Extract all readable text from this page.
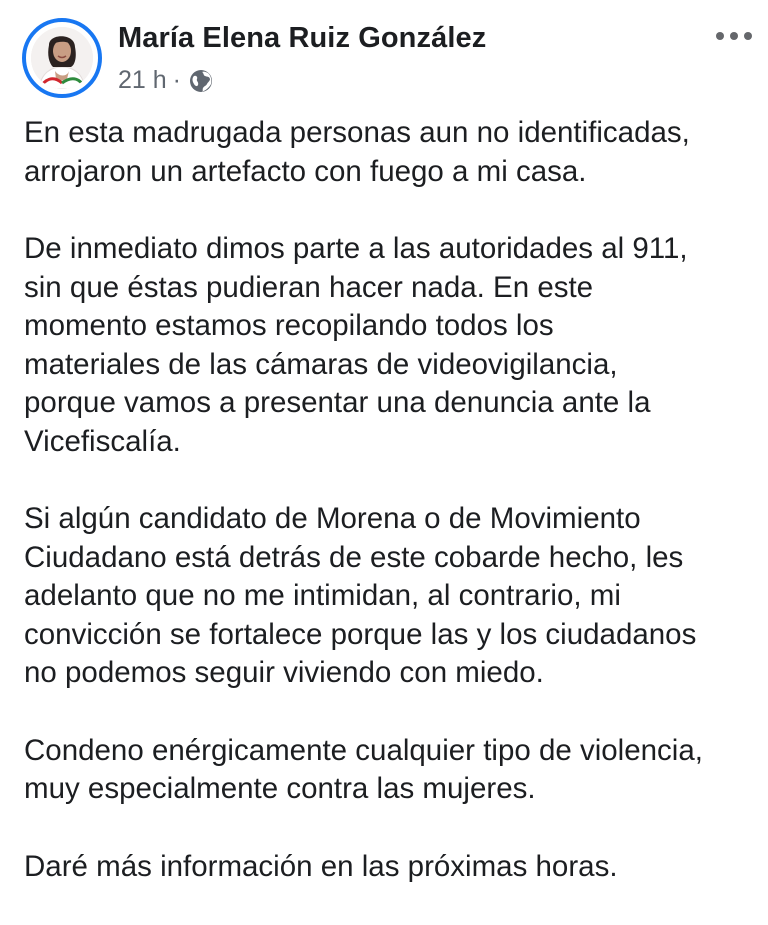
María Elena Ruiz González
21 h ·

En esta madrugada personas aun no identificadas,
arrojaron un artefacto con fuego a mi casa.

De inmediato dimos parte a las autoridades al 911,
sin que éstas pudieran hacer nada. En este
momento estamos recopilando todos los
materiales de las cámaras de videovigilancia,
porque vamos a presentar una denuncia ante la
Vicefiscalía.

Si algún candidato de Morena o de Movimiento
Ciudadano está detrás de este cobarde hecho, les
adelanto que no me intimidan, al contrario, mi
convicción se fortalece porque las y los ciudadanos
no podemos seguir viviendo con miedo.

Condeno enérgicamente cualquier tipo de violencia,
muy especialmente contra las mujeres.

Daré más información en las próximas horas.
